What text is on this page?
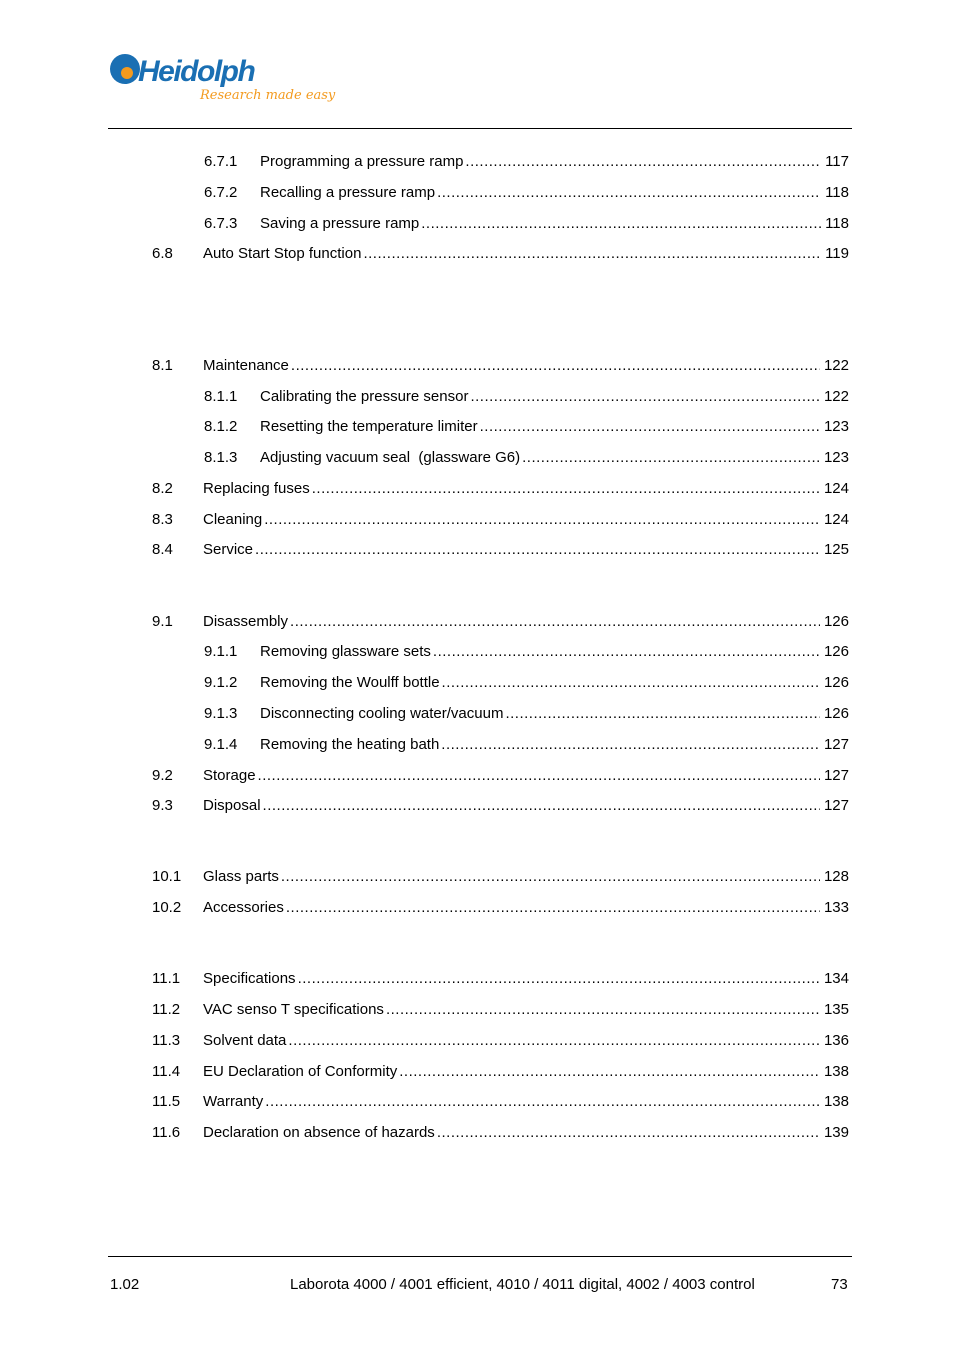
Heidolph
Research made easy
6.7.1 Programming a pressure ramp .....	117
6.7.2 Recalling a pressure ramp .....	118
6.7.3 Saving a pressure ramp .....	118
6.8 Auto Start Stop function .....	119
8.1 Maintenance .....	122
8.1.1 Calibrating the pressure sensor .....	122
8.1.2 Resetting the temperature limiter .....	123
8.1.3 Adjusting vacuum seal  (glassware G6) .....	123
8.2 Replacing fuses .....	124
8.3 Cleaning .....	124
8.4 Service .....	125
9.1 Disassembly .....	126
9.1.1 Removing glassware sets .....	126
9.1.2 Removing the Woulff bottle .....	126
9.1.3 Disconnecting cooling water/vacuum .....	126
9.1.4 Removing the heating bath .....	127
9.2 Storage .....	127
9.3 Disposal .....	127
10.1 Glass parts .....	128
10.2 Accessories .....	133
11.1 Specifications .....	134
11.2 VAC senso T specifications .....	135
11.3 Solvent data .....	136
11.4 EU Declaration of Conformity .....	138
11.5 Warranty .....	138
11.6 Declaration on absence of hazards .....	139
1.02	Laborota 4000 / 4001 efficient, 4010 / 4011 digital, 4002 / 4003 control	73
